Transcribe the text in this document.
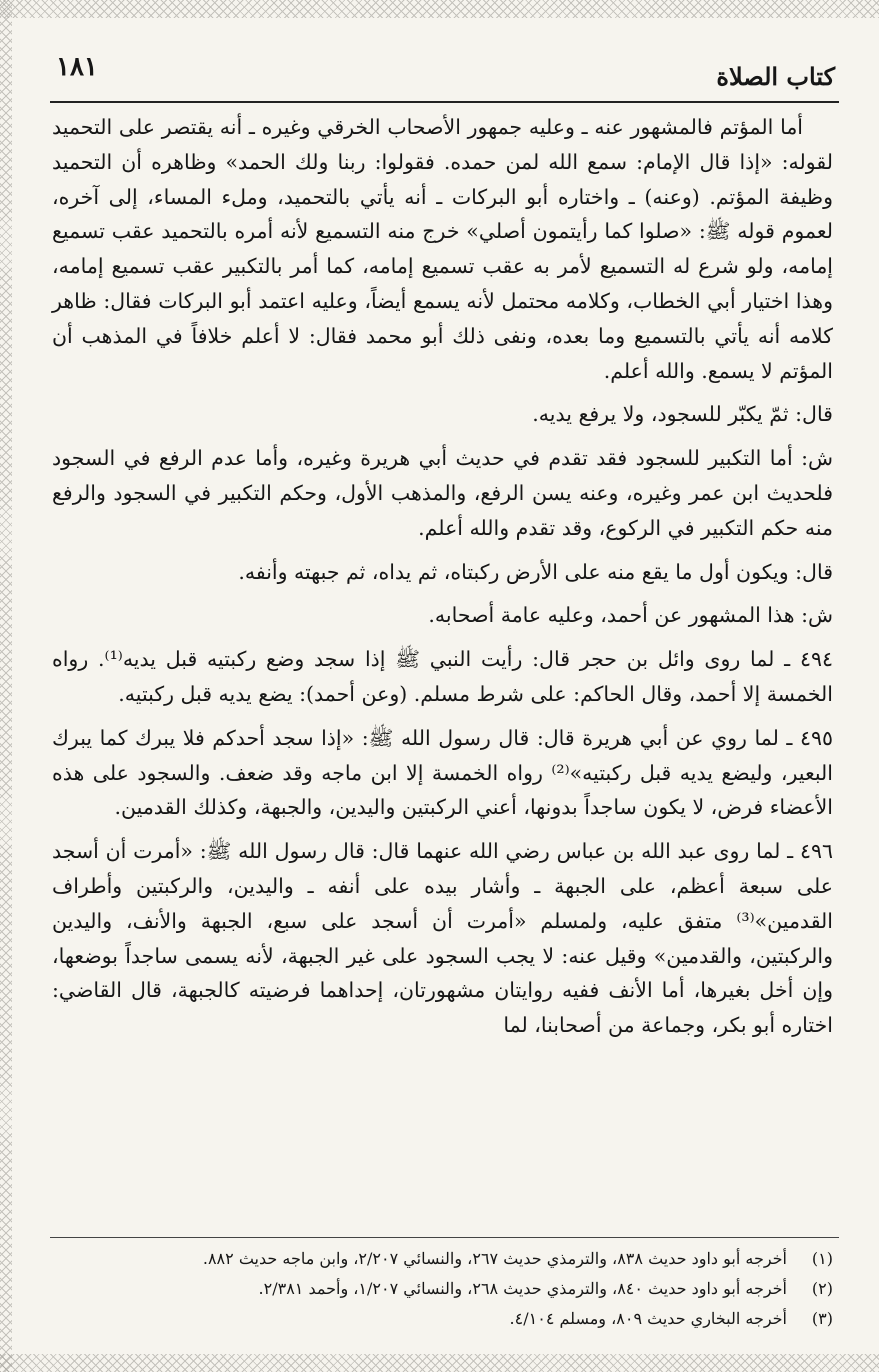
١٨١	كتاب الصلاة

أما المؤتم فالمشهور عنه ـ وعليه جمهور الأصحاب الخرقي وغيره ـ أنه يقتصر على التحميد لقوله: «إذا قال الإمام: سمع الله لمن حمده. فقولوا: ربنا ولك الحمد» وظاهره أن التحميد وظيفة المؤتم. (وعنه) ـ واختاره أبو البركات ـ أنه يأتي بالتحميد، وملء المساء، إلى آخره، لعموم قوله ﷺ: «صلوا كما رأيتمون أصلي» خرج منه التسميع لأنه أمره بالتحميد عقب تسميع إمامه، ولو شرع له التسميع لأمر به عقب تسميع إمامه، كما أمر بالتكبير عقب تسميع إمامه، وهذا اختيار أبي الخطاب، وكلامه محتمل لأنه يسمع أيضاً، وعليه اعتمد أبو البركات فقال: ظاهر كلامه أنه يأتي بالتسميع وما بعده، ونفى ذلك أبو محمد فقال: لا أعلم خلافاً في المذهب أن المؤتم لا يسمع. والله أعلم.

قال: ثمّ يكبّر للسجود، ولا يرفع يديه.

ش: أما التكبير للسجود فقد تقدم في حديث أبي هريرة وغيره، وأما عدم الرفع في السجود فلحديث ابن عمر وغيره، وعنه يسن الرفع، والمذهب الأول، وحكم التكبير في السجود والرفع منه حكم التكبير في الركوع، وقد تقدم والله أعلم.

قال: ويكون أول ما يقع منه على الأرض ركبتاه، ثم يداه، ثم جبهته وأنفه.

ش: هذا المشهور عن أحمد، وعليه عامة أصحابه.

٤٩٤ ـ لما روى وائل بن حجر قال: رأيت النبي ﷺ إذا سجد وضع ركبتيه قبل يديه⁽¹⁾. رواه الخمسة إلا أحمد، وقال الحاكم: على شرط مسلم. (وعن أحمد): يضع يديه قبل ركبتيه.

٤٩٥ ـ لما روي عن أبي هريرة قال: قال رسول الله ﷺ: «إذا سجد أحدكم فلا يبرك كما يبرك البعير، وليضع يديه قبل ركبتيه»⁽²⁾ رواه الخمسة إلا ابن ماجه وقد ضعف. والسجود على هذه الأعضاء فرض، لا يكون ساجداً بدونها، أعني الركبتين واليدين، والجبهة، وكذلك القدمين.

٤٩٦ ـ لما روى عبد الله بن عباس رضي الله عنهما قال: قال رسول الله ﷺ: «أمرت أن أسجد على سبعة أعظم، على الجبهة ـ وأشار بيده على أنفه ـ واليدين، والركبتين وأطراف القدمين»⁽³⁾ متفق عليه، ولمسلم «أمرت أن أسجد على سبع، الجبهة والأنف، واليدين والركبتين، والقدمين» وقيل عنه: لا يجب السجود على غير الجبهة، لأنه يسمى ساجداً بوضعها، وإن أخل بغيرها، أما الأنف ففيه روايتان مشهورتان، إحداهما فرضيته كالجبهة، قال القاضي: اختاره أبو بكر، وجماعة من أصحابنا، لما

(١)
أخرجه أبو داود حديث ٨٣٨، والترمذي حديث ٢٦٧، والنسائي ٢/٢٠٧، وابن ماجه حديث ٨٨٢.
(٢)
أخرجه أبو داود حديث ٨٤٠، والترمذي حديث ٢٦٨، والنسائي ١/٢٠٧، وأحمد ٢/٣٨١.
(٣)
أخرجه البخاري حديث ٨٠٩، ومسلم ٤/١٠٤.
